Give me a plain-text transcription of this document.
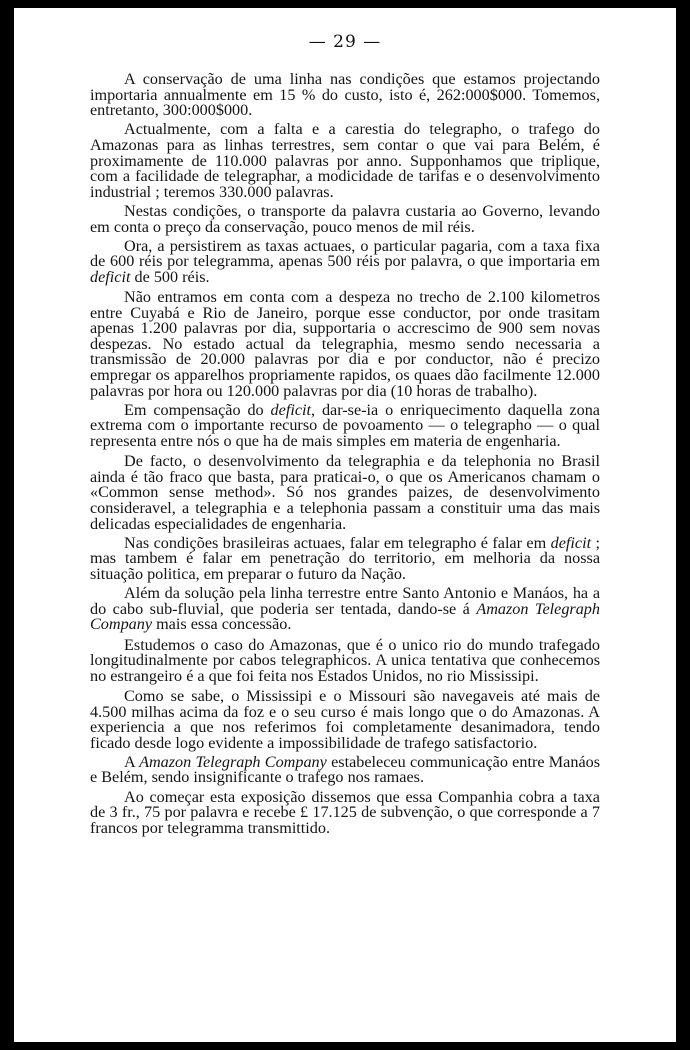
— 29 —

A conservação de uma linha nas condições que estamos projectando importaria annualmente em 15 % do custo, isto é, 262:000$000. Tomemos, entretanto, 300:000$000.

Actualmente, com a falta e a carestia do telegrapho, o trafego do Amazonas para as linhas terrestres, sem contar o que vai para Belém, é proximamente de 110.000 palavras por anno. Supponhamos que triplique, com a facilidade de telegraphar, a modicidade de tarifas e o desenvolvimento industrial ; teremos 330.000 palavras.

Nestas condições, o transporte da palavra custaria ao Governo, levando em conta o preço da conservação, pouco menos de mil réis.

Ora, a persistirem as taxas actuaes, o particular pagaria, com a taxa fixa de 600 réis por telegramma, apenas 500 réis por palavra, o que importaria em deficit de 500 réis.

Não entramos em conta com a despeza no trecho de 2.100 kilometros entre Cuyabá e Rio de Janeiro, porque esse conductor, por onde trasitam apenas 1.200 palavras por dia, supportaria o accrescimo de 900 sem novas despezas. No estado actual da telegraphia, mesmo sendo necessaria a transmissão de 20.000 palavras por dia e por conductor, não é precizo empregar os apparelhos propriamente rapidos, os quaes dão facilmente 12.000 palavras por hora ou 120.000 palavras por dia (10 horas de trabalho).

Em compensação do deficit, dar-se-ia o enriquecimento daquella zona extrema com o importante recurso de povoamento — o telegrapho — o qual representa entre nós o que ha de mais simples em materia de engenharia.

De facto, o desenvolvimento da telegraphia e da telephonia no Brasil ainda é tão fraco que basta, para praticai-o, o que os Americanos chamam o «Common sense method». Só nos grandes paizes, de desenvolvimento consideravel, a telegraphia e a telephonia passam a constituir uma das mais delicadas especialidades de engenharia.

Nas condições brasileiras actuaes, falar em telegrapho é falar em deficit ; mas tambem é falar em penetração do territorio, em melhoria da nossa situação politica, em preparar o futuro da Nação.

Além da solução pela linha terrestre entre Santo Antonio e Manáos, ha a do cabo sub-fluvial, que poderia ser tentada, dando-se á Amazon Telegraph Company mais essa concessão.

Estudemos o caso do Amazonas, que é o unico rio do mundo trafegado longitudinalmente por cabos telegraphicos. A unica tentativa que conhecemos no estrangeiro é a que foi feita nos Estados Unidos, no rio Mississipi.

Como se sabe, o Mississipi e o Missouri são navegaveis até mais de 4.500 milhas acima da foz e o seu curso é mais longo que o do Amazonas. A experiencia a que nos referimos foi completamente desanimadora, tendo ficado desde logo evidente a impossibilidade de trafego satisfactorio.

A Amazon Telegraph Company estabeleceu communicação entre Manáos e Belém, sendo insignificante o trafego nos ramaes.

Ao começar esta exposição dissemos que essa Companhia cobra a taxa de 3 fr., 75 por palavra e recebe £ 17.125 de subvenção, o que corresponde a 7 francos por telegramma transmittido.
